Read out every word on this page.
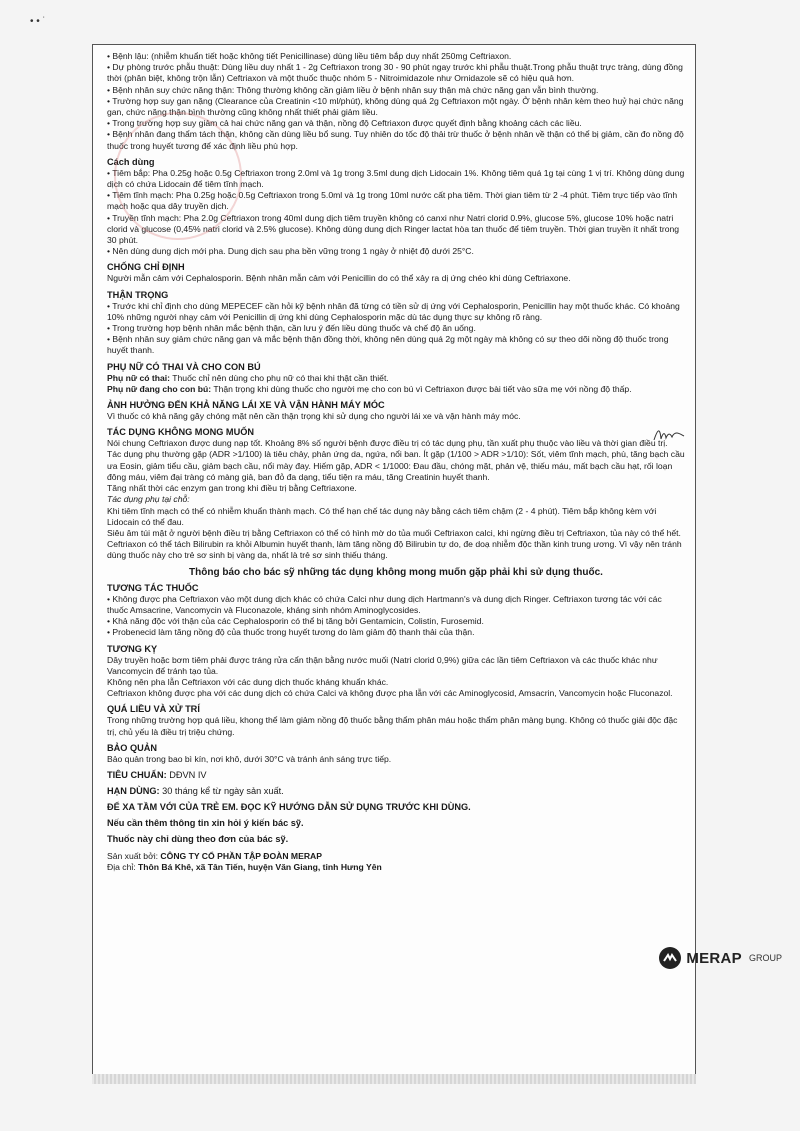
• • ˙

• Bệnh lậu: (nhiễm khuẩn tiết hoặc không tiết Penicillinase) dùng liều tiêm bắp duy nhất 250mg Ceftriaxon.

• Dự phòng trước phẫu thuật: Dùng liều duy nhất 1 - 2g Ceftriaxon trong 30 - 90 phút ngay trước khi phẫu thuật.Trong phẫu thuật trực tràng, dùng đồng thời (phân biệt, không trộn lẫn) Ceftriaxon và một thuốc thuộc nhóm 5 - Nitroimidazole như Ornidazole sẽ có hiệu quả hơn.

• Bệnh nhân suy chức năng thận: Thông thường không cần giảm liều ở bệnh nhân suy thận mà chức năng gan vẫn bình thường.

• Trường hợp suy gan nặng (Clearance của Creatinin <10 ml/phút), không dùng quá 2g Ceftriaxon một ngày. Ở bệnh nhân kèm theo huỷ hại chức năng gan, chức năng thận bình thường cũng không nhất thiết phải giảm liều.

• Trong trường hợp suy giảm cả hai chức năng gan và thận, nồng độ Ceftriaxon được quyết định bằng khoảng cách các liều.

• Bệnh nhân đang thẩm tách thận, không cần dùng liều bổ sung. Tuy nhiên do tốc độ thải trừ thuốc ở bệnh nhân về thận có thể bị giảm, cần đo nồng độ thuốc trong huyết tương để xác định liều phù hợp.

Cách dùng

• Tiêm bắp: Pha 0.25g hoặc 0.5g Ceftriaxon trong 2.0ml và 1g trong 3.5ml dung dịch Lidocain 1%. Không tiêm quá 1g tại cùng 1 vị trí. Không dùng dung dịch có chứa Lidocain để tiêm tĩnh mạch.

• Tiêm tĩnh mạch: Pha 0.25g hoặc 0.5g Ceftriaxon trong 5.0ml và 1g trong 10ml nước cất pha tiêm. Thời gian tiêm từ 2 -4 phút. Tiêm trực tiếp vào tĩnh mạch hoặc qua dây truyền dịch.

• Truyền tĩnh mạch: Pha 2.0g Ceftriaxon trong 40ml dung dịch tiêm truyền không có canxi như Natri clorid 0.9%, glucose 5%, glucose 10% hoặc natri clorid và glucose (0,45% natri clorid và 2.5% glucose). Không dùng dung dịch Ringer lactat hòa tan thuốc để tiêm truyền. Thời gian truyền ít nhất trong 30 phút.

• Nên dùng dung dịch mới pha. Dung dịch sau pha bền vững trong 1 ngày ở nhiệt độ dưới 25°C.

CHỐNG CHỈ ĐỊNH

Người mẫn cảm với Cephalosporin. Bệnh nhân mẫn cảm với Penicillin do có thể xảy ra dị ứng chéo khi dùng Ceftriaxone.

THẬN TRỌNG

• Trước khi chỉ định cho dùng MEPECEF cần hỏi kỹ bệnh nhân đã từng có tiền sử dị ứng với Cephalosporin, Penicillin hay một thuốc khác. Có khoảng 10% những người nhạy cảm với Penicillin dị ứng khi dùng Cephalosporin mặc dù tác dụng thực sự không rõ ràng.

• Trong trường hợp bệnh nhân mắc bệnh thận, cần lưu ý đến liều dùng thuốc và chế độ ăn uống.

• Bệnh nhân suy giảm chức năng gan và mắc bệnh thận đồng thời, không nên dùng quá 2g một ngày mà không có sự theo dõi nồng độ thuốc trong huyết thanh.

PHỤ NỮ CÓ THAI VÀ CHO CON BÚ

Phụ nữ có thai: Thuốc chỉ nên dùng cho phụ nữ có thai khi thật cần thiết.

Phụ nữ đang cho con bú: Thận trọng khi dùng thuốc cho người mẹ cho con bú vì Ceftriaxon được bài tiết vào sữa mẹ với nồng độ thấp.

ẢNH HƯỞNG ĐẾN KHẢ NĂNG LÁI XE VÀ VẬN HÀNH MÁY MÓC

Vì thuốc có khả năng gây chóng mặt nên cần thận trọng khi sử dụng cho người lái xe và vận hành máy móc.

TÁC DỤNG KHÔNG MONG MUỐN

Nói chung Ceftriaxon được dung nạp tốt. Khoảng 8% số người bệnh được điều trị có tác dụng phụ, tần xuất phụ thuộc vào liều và thời gian điều trị.

Tác dụng phụ thường gặp (ADR >1/100) là tiêu chảy, phản ứng da, ngứa, nổi ban. Ít gặp (1/100 > ADR >1/10): Sốt, viêm tĩnh mạch, phù, tăng bạch cầu ưa Eosin, giảm tiểu cầu, giảm bạch cầu, nổi mày đay. Hiếm gặp, ADR < 1/1000: Đau đầu, chóng mặt, phản vệ, thiếu máu, mất bạch cầu hạt, rối loạn đông máu, viêm đại tràng có màng giả, ban đỏ đa dạng, tiểu tiện ra máu, tăng Creatinin huyết thanh.

Tăng nhất thời các enzym gan trong khi điều trị bằng Ceftriaxone.

Tác dụng phụ tại chỗ:

Khi tiêm tĩnh mạch có thể có nhiễm khuẩn thành mạch. Có thể hạn chế tác dụng này bằng cách tiêm chậm (2 - 4 phút). Tiêm bắp không kèm với Lidocain có thể đau.

Siêu âm túi mật ở người bệnh điều trị bằng Ceftriaxon có thể có hình mờ do tủa muối Ceftriaxon calci, khi ngừng điều trị Ceftriaxon, tủa này có thể hết.

Ceftriaxon có thể tách Bilirubin ra khỏi Albumin huyết thanh, làm tăng nồng độ Bilirubin tự do, đe doạ nhiễm độc thần kinh trung ương. Vì vậy nên tránh dùng thuốc này cho trẻ sơ sinh bị vàng da, nhất là trẻ sơ sinh thiếu tháng.

Thông báo cho bác sỹ những tác dụng không mong muốn gặp phải khi sử dụng thuốc.

TƯƠNG TÁC THUỐC

• Không được pha Ceftriaxon vào một dung dịch khác có chứa Calci như dung dịch Hartmann's và dung dịch Ringer. Ceftriaxon tương tác với các thuốc Amsacrine, Vancomycin và Fluconazole, kháng sinh nhóm Aminoglycosides.

• Khả năng độc với thận của các Cephalosporin có thể bị tăng bởi Gentamicin, Colistin, Furosemid.

• Probenecid làm tăng nồng độ của thuốc trong huyết tương do làm giảm độ thanh thải của thận.

TƯƠNG KỴ

Dây truyền hoặc bơm tiêm phải được tráng rửa cẩn thận bằng nước muối (Natri clorid 0,9%) giữa các lần tiêm Ceftriaxon và các thuốc khác như Vancomycin để tránh tạo tủa.

Không nên pha lẫn Ceftriaxon với các dung dịch thuốc kháng khuẩn khác.

Ceftriaxon không được pha với các dung dịch có chứa Calci và không được pha lẫn với các Aminoglycosid, Amsacrin, Vancomycin hoặc Fluconazol.

QUÁ LIỀU VÀ XỬ TRÍ

Trong những trường hợp quá liều, khong thể làm giảm nồng độ thuốc bằng thẩm phân máu hoặc thẩm phân màng bụng. Không có thuốc giải độc đặc trị, chủ yếu là điều trị triệu chứng.

BẢO QUẢN

Bảo quản trong bao bì kín, nơi khô, dưới 30°C và tránh ánh sáng trực tiếp.

TIÊU CHUẨN: DĐVN IV
HẠN DÙNG: 30 tháng kể từ ngày sản xuất.

ĐỂ XA TẦM VỚI CỦA TRẺ EM. ĐỌC KỸ HƯỚNG DẪN SỬ DỤNG TRƯỚC KHI DÙNG.

Nếu cần thêm thông tin xin hỏi ý kiến bác sỹ.

Thuốc này chỉ dùng theo đơn của bác sỹ.

Sản xuất bởi: CÔNG TY CỔ PHẦN TẬP ĐOÀN MERAP

Địa chỉ: Thôn Bá Khê, xã Tân Tiến, huyện Văn Giang, tỉnh Hưng Yên

MERAP GROUP
